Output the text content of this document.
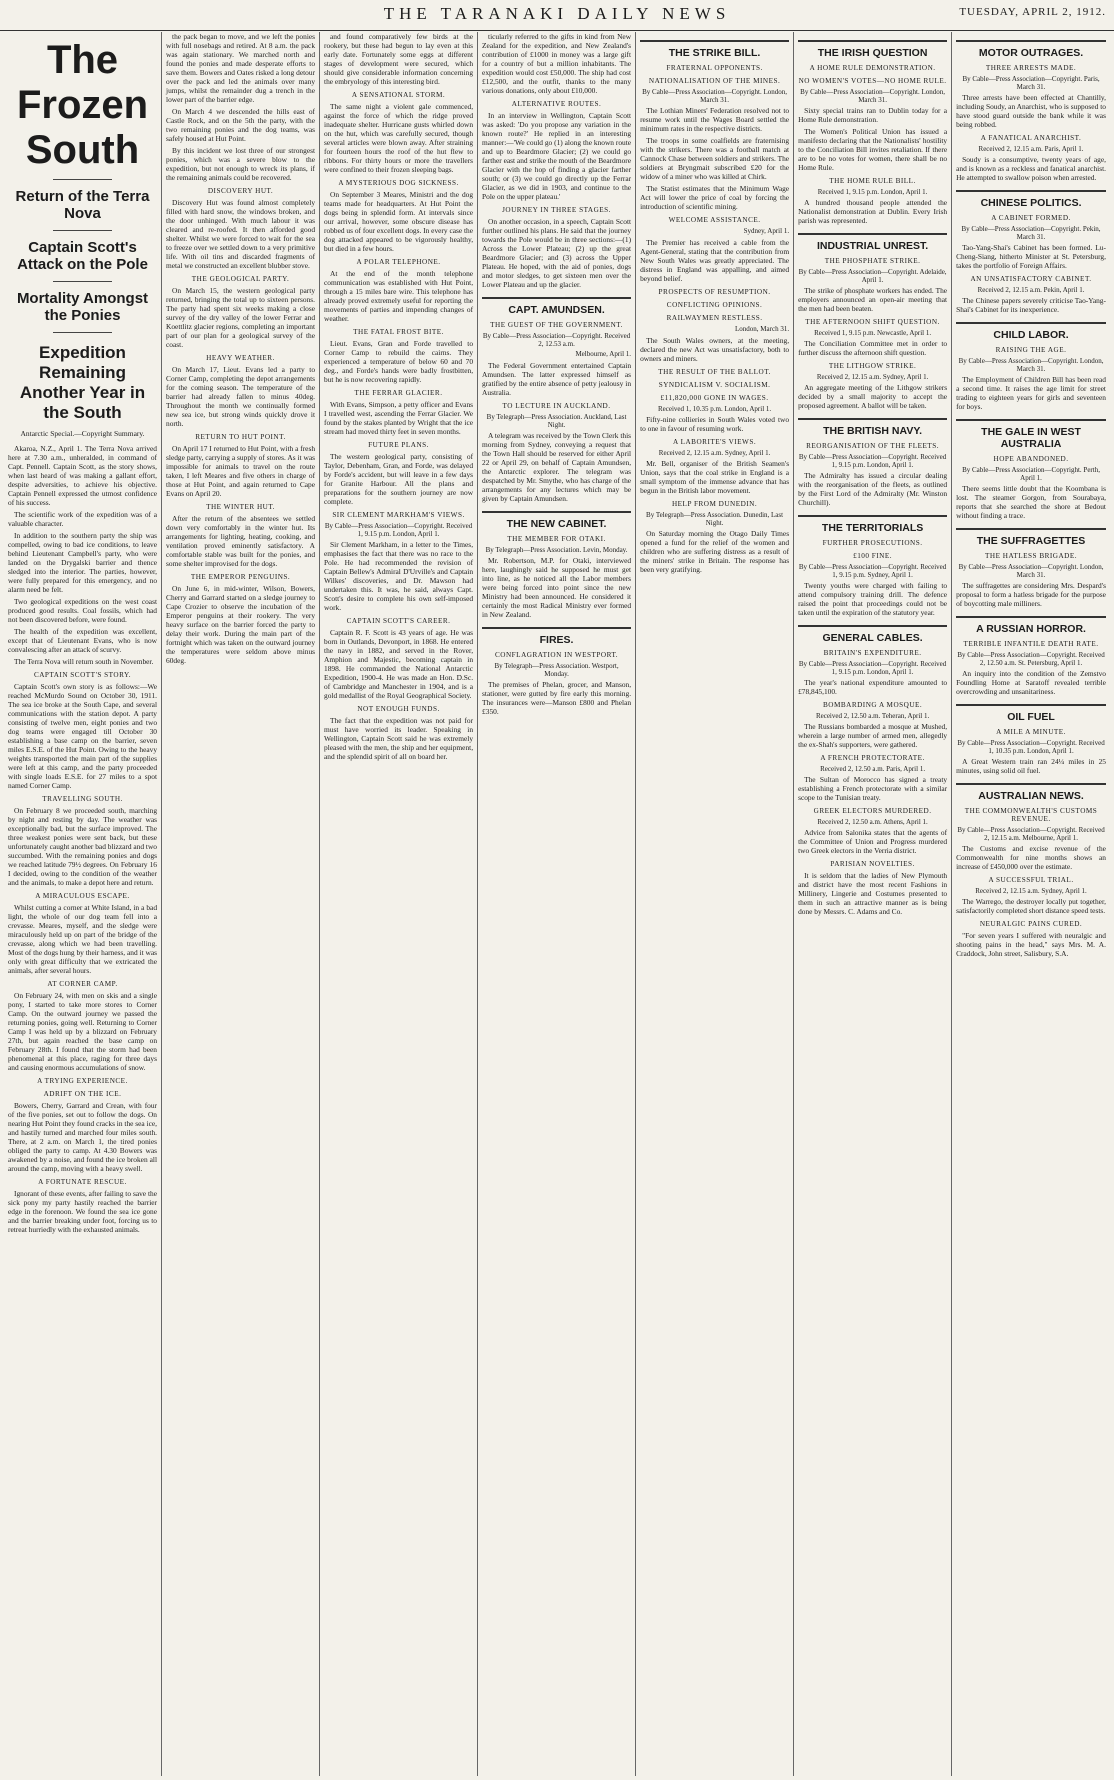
THE TARANAKI DAILY NEWS	TUESDAY, APRIL 2, 1912.
The Frozen South
Return of the Terra Nova
Captain Scott's Attack on the Pole
Mortality Amongst the Ponies
Expedition Remaining Another Year in the South
Antarctic Special.—Copyright Summary.

Akaroa, N.Z., April 1. The Terra Nova arrived here at 7.30 a.m., unheralded, in command of Capt. Pennell. Captain Scott, as the story shows, when last heard of was making a gallant effort, despite adversities, to achieve his objective. Captain Pennell expressed the utmost confidence of his success.

The scientific work of the expedition was of a valuable character.

In addition to the southern party the ship was compelled, owing to bad ice conditions, to leave behind Lieutenant Campbell's party, who were landed on the Drygalski barrier and thence sledged into the interior. The parties, however, were fully prepared for this emergency, and no alarm need be felt.

Two geological expeditions on the west coast produced good results. Coal fossils, which had not been discovered before, were found.

The health of the expedition was excellent, except that of Lieutenant Evans, who is now convalescing after an attack of scurvy.

The Terra Nova will return south in November.

CAPTAIN SCOTT'S STORY.

Captain Scott's own story is as follows:—We reached McMurdo Sound on October 30, 1911. The sea ice broke at the South Cape, and several communications with the station depot. A party consisting of twelve men, eight ponies and two dog teams were engaged till October 30 establishing a base camp on the barrier, seven miles E.S.E. of the Hut Point. Owing to the heavy weights transported the main part of the supplies were left at this camp, and the party proceeded with single loads E.S.E. for 27 miles to a spot named Corner Camp.

TRAVELLING SOUTH.

On February 8 we proceeded south, marching by night and resting by day. The weather was exceptionally bad, but the surface improved. The three weakest ponies were sent back, but these unfortunately caught another bad blizzard and two succumbed. With the remaining ponies and dogs we reached latitude 79½ degrees. On February 16 I decided, owing to the condition of the weather and the animals, to make a depot here and return.

A MIRACULOUS ESCAPE.

Whilst cutting a corner at White Island, in a bad light, the whole of our dog team fell into a crevasse. Meares, myself, and the sledge were miraculously held up on part of the bridge of the crevasse, along which we had been travelling. Most of the dogs hung by their harness, and it was only with great difficulty that we extricated the animals, after several hours.

AT CORNER CAMP.

On February 24, with men on skis and a single pony, I started to take more stores to Corner Camp. On the outward journey we passed the returning ponies, going well. Returning to Corner Camp I was held up by a blizzard on February 27th, but again reached the base camp on February 28th. I found that the storm had been phenomenal at this place, raging for three days and causing enormous accumulations of snow.

A TRYING EXPERIENCE.
ADRIFT ON THE ICE.

Bowers, Cherry, Garrard and Crean, with four of the five ponies, set out to follow the dogs. On nearing Hut Point they found cracks in the sea ice, and hastily turned and marched four miles south. There, at 2 a.m. on March 1, the tired ponies obliged the party to camp. At 4.30 Bowers was awakened by a noise, and found the ice broken all around the camp, moving with a heavy swell.

A FORTUNATE RESCUE.

Ignorant of these events, after failing to save the sick pony my party hastily reached the barrier edge in the forenoon. We found the sea ice gone and the barrier breaking under foot, forcing us to retreat hurriedly with the exhausted animals.

the pack began to move, and we left the ponies with full nosebags and retired. At 8 a.m. the pack was again stationary. We marched north and found the ponies and made desperate efforts to save them. Bowers and Oates risked a long detour over the pack and led the animals over many jumps, whilst the remainder dug a trench in the lower part of the barrier edge.

On March 4 we descended the hills east of Castle Rock, and on the 5th the party, with the two remaining ponies and the dog teams, was safely housed at Hut Point.

By this incident we lost three of our strongest ponies, which was a severe blow to the expedition, but not enough to wreck its plans, if the remaining animals could be recovered.

DISCOVERY HUT.

Discovery Hut was found almost completely filled with hard snow, the windows broken, and the door unhinged. With much labour it was cleared and re-roofed. It then afforded good shelter. Whilst we were forced to wait for the sea to freeze over we settled down to a very primitive life. With oil tins and discarded fragments of metal we constructed an excellent blubber stove.

THE GEOLOGICAL PARTY.

On March 15, the western geological party returned, bringing the total up to sixteen persons. The party had spent six weeks making a close survey of the dry valley of the lower Ferrar and Koettlitz glacier regions, completing an important part of our plan for a geological survey of the coast.

HEAVY WEATHER.

On March 17, Lieut. Evans led a party to Corner Camp, completing the depot arrangements for the coming season. The temperature of the barrier had already fallen to minus 40deg. Throughout the month we continually formed new sea ice, but strong winds quickly drove it north.

RETURN TO HUT POINT.

On April 17 I returned to Hut Point, with a fresh sledge party, carrying a supply of stores. As it was impossible for animals to travel on the route taken, I left Meares and five others in charge of those at Hut Point, and again returned to Cape Evans on April 20.

THE WINTER HUT.

After the return of the absentees we settled down very comfortably in the winter hut. Its arrangements for lighting, heating, cooking, and ventilation proved eminently satisfactory. A comfortable stable was built for the ponies, and some shelter improvised for the dogs.

THE EMPEROR PENGUINS.

On June 6, in mid-winter, Wilson, Bowers, Cherry and Garrard started on a sledge journey to Cape Crozier to observe the incubation of the Emperor penguins at their rookery. The very heavy surface on the barrier forced the party to delay their work. During the main part of the fortnight which was taken on the outward journey the temperatures were seldom above minus 60deg.

and found comparatively few birds at the rookery, but these had begun to lay even at this early date. Fortunately some eggs at different stages of development were secured, which should give considerable information concerning the embryology of this interesting bird.

A SENSATIONAL STORM.

The same night a violent gale commenced, against the force of which the ridge proved inadequate shelter. Hurricane gusts whirled down on the hut, which was carefully secured, though several articles were blown away. After straining for fourteen hours the roof of the hut flew to ribbons. For thirty hours or more the travellers were confined to their frozen sleeping bags.

A MYSTERIOUS DOG SICKNESS.

On September 3 Meares, Ministri and the dog teams made for headquarters. At Hut Point the dogs being in splendid form. At intervals since our arrival, however, some obscure disease has robbed us of four excellent dogs. In every case the dog attacked appeared to be vigorously healthy, but died in a few hours.

A POLAR TELEPHONE.

At the end of the month telephone communication was established with Hut Point, through a 15 miles bare wire. This telephone has already proved extremely useful for reporting the movements of parties and impending changes of weather.

THE FATAL FROST BITE.

Lieut. Evans, Gran and Forde travelled to Corner Camp to rebuild the cairns. They experienced a temperature of below 60 and 70 deg., and Forde's hands were badly frostbitten, but he is now recovering rapidly.

THE FERRAR GLACIER.

With Evans, Simpson, a petty officer and Evans I travelled west, ascending the Ferrar Glacier. We found by the stakes planted by Wright that the ice stream had moved thirty feet in seven months.

FUTURE PLANS.

The western geological party, consisting of Taylor, Debenham, Gran, and Forde, was delayed by Forde's accident, but will leave in a few days for Granite Harbour. All the plans and preparations for the southern journey are now complete.

SIR CLEMENT MARKHAM'S VIEWS.
By Cable—Press Association—Copyright. Received 1, 9.15 p.m. London, April 1.

Sir Clement Markham, in a letter to the Times, emphasises the fact that there was no race to the Pole. He had recommended the revision of Captain Bellew's Admiral D'Urville's and Captain Wilkes' discoveries, and Dr. Mawson had undertaken this. It was, he said, always Capt. Scott's desire to complete his own self-imposed work.

CAPTAIN SCOTT'S CAREER.

Captain R. F. Scott is 43 years of age. He was born in Outlands, Devonport, in 1868. He entered the navy in 1882, and served in the Rover, Amphion and Majestic, becoming captain in 1898. He commanded the National Antarctic Expedition, 1900-4. He was made an Hon. D.Sc. of Cambridge and Manchester in 1904, and is a gold medallist of the Royal Geographical Society.

NOT ENOUGH FUNDS.

The fact that the expedition was not paid for must have worried its leader. Speaking in Wellington, Captain Scott said he was extremely pleased with the men, the ship and her equipment, and the splendid spirit of all on board her.

ticularly referred to the gifts in kind from New Zealand for the expedition, and New Zealand's contribution of £1000 in money was a large gift for a country of but a million inhabitants. The expedition would cost £50,000. The ship had cost £12,500, and the outfit, thanks to the many various donations, only about £10,000.

ALTERNATIVE ROUTES.

In an interview in Wellington, Captain Scott was asked: 'Do you propose any variation in the known route?' He replied in an interesting manner:—'We could go (1) along the known route and up to Beardmore Glacier; (2) we could go farther east and strike the mouth of the Beardmore Glacier with the hop of finding a glacier farther south; or (3) we could go directly up the Ferrar Glacier, as we did in 1903, and continue to the Pole on the upper plateau.'

JOURNEY IN THREE STAGES.

On another occasion, in a speech, Captain Scott further outlined his plans. He said that the journey towards the Pole would be in three sections:—(1) Across the Lower Plateau; (2) up the great Beardmore Glacier; and (3) across the Upper Plateau. He hoped, with the aid of ponies, dogs and motor sledges, to get sixteen men over the Lower Plateau and up the glacier.

CAPT. AMUNDSEN.
THE GUEST OF THE GOVERNMENT.
By Cable—Press Association—Copyright. Received 2, 12.53 a.m.
Melbourne, April 1.

The Federal Government entertained Captain Amundsen. The latter expressed himself as gratified by the entire absence of petty jealousy in Australia.

TO LECTURE IN AUCKLAND.
By Telegraph—Press Association. Auckland, Last Night.

A telegram was received by the Town Clerk this morning from Sydney, conveying a request that the Town Hall should be reserved for either April 22 or April 29, on behalf of Captain Amundsen, the Antarctic explorer. The telegram was despatched by Mr. Smythe, who has charge of the arrangements for any lectures which may be given by Captain Amundsen.

THE NEW CABINET.
THE MEMBER FOR OTAKI.
By Telegraph—Press Association. Levin, Monday.

Mr. Robertson, M.P. for Otaki, interviewed here, laughingly said he supposed he must get into line, as he noticed all the Labor members were being forced into point since the new Ministry had been announced. He considered it certainly the most Radical Ministry ever formed in New Zealand.

FIRES.
CONFLAGRATION IN WESTPORT.
By Telegraph—Press Association. Westport, Monday.

The premises of Phelan, grocer, and Manson, stationer, were gutted by fire early this morning. The insurances were—Manson £800 and Phelan £350.

THE STRIKE BILL.
FRATERNAL OPPONENTS.
NATIONALISATION OF THE MINES.
By Cable—Press Association—Copyright. London, March 31.

The Lothian Miners' Federation resolved not to resume work until the Wages Board settled the minimum rates in the respective districts.

The troops in some coalfields are fraternising with the strikers. There was a football match at Cannock Chase between soldiers and strikers. The soldiers at Bryngmait subscribed £20 for the widow of a miner who was killed at Chirk.

The Statist estimates that the Minimum Wage Act will lower the price of coal by forcing the introduction of scientific mining.

WELCOME ASSISTANCE.
Sydney, April 1.

The Premier has received a cable from the Agent-General, stating that the contribution from New South Wales was greatly appreciated. The distress in England was appalling, and aimed beyond belief.

PROSPECTS OF RESUMPTION.
CONFLICTING OPINIONS.
RAILWAYMEN RESTLESS.
London, March 31.

The South Wales owners, at the meeting, declared the new Act was unsatisfactory, both to owners and miners.

THE RESULT OF THE BALLOT.
SYNDICALISM V. SOCIALISM.
£11,820,000 GONE IN WAGES.
Received 1, 10.35 p.m. London, April 1.

Fifty-nine collieries in South Wales voted two to one in favour of resuming work.

A LABORITE'S VIEWS.
Received 2, 12.15 a.m. Sydney, April 1.

Mr. Bell, organiser of the British Seamen's Union, says that the coal strike in England is a small symptom of the immense advance that has begun in the British labor movement.

HELP FROM DUNEDIN.
By Telegraph—Press Association. Dunedin, Last Night.

On Saturday morning the Otago Daily Times opened a fund for the relief of the women and children who are suffering distress as a result of the miners' strike in Britain. The response has been very gratifying.

THE IRISH QUESTION
A HOME RULE DEMONSTRATION.
NO WOMEN'S VOTES—NO HOME RULE.
By Cable—Press Association—Copyright. London, March 31.

Sixty special trains ran to Dublin today for a Home Rule demonstration.

The Women's Political Union has issued a manifesto declaring that the Nationalists' hostility to the Conciliation Bill invites retaliation. If there are to be no votes for women, there shall be no Home Rule.

THE HOME RULE BILL.
Received 1, 9.15 p.m. London, April 1.

A hundred thousand people attended the Nationalist demonstration at Dublin. Every Irish parish was represented.

INDUSTRIAL UNREST.
THE PHOSPHATE STRIKE.
By Cable—Press Association—Copyright. Adelaide, April 1.

The strike of phosphate workers has ended. The employers announced an open-air meeting that the men had been beaten.

THE AFTERNOON SHIFT QUESTION.
Received 1, 9.15 p.m. Newcastle, April 1.

The Conciliation Committee met in order to further discuss the afternoon shift question.

THE LITHGOW STRIKE.
Received 2, 12.15 a.m. Sydney, April 1.

An aggregate meeting of the Lithgow strikers decided by a small majority to accept the proposed agreement. A ballot will be taken.

THE BRITISH NAVY.
REORGANISATION OF THE FLEETS.
By Cable—Press Association—Copyright. Received 1, 9.15 p.m. London, April 1.

The Admiralty has issued a circular dealing with the reorganisation of the fleets, as outlined by the First Lord of the Admiralty (Mr. Winston Churchill).

THE TERRITORIALS
FURTHER PROSECUTIONS.
£100 FINE.
By Cable—Press Association—Copyright. Received 1, 9.15 p.m. Sydney, April 1.

Twenty youths were charged with failing to attend compulsory training drill. The defence raised the point that proceedings could not be taken until the expiration of the statutory year.

GENERAL CABLES.
BRITAIN'S EXPENDITURE.
By Cable—Press Association—Copyright. Received 1, 9.15 p.m. London, April 1.

The year's national expenditure amounted to £78,845,100.

BOMBARDING A MOSQUE.
Received 2, 12.50 a.m. Teheran, April 1.

The Russians bombarded a mosque at Mushed, wherein a large number of armed men, allegedly the ex-Shah's supporters, were gathered.

A FRENCH PROTECTORATE.
Received 2, 12.50 a.m. Paris, April 1.

The Sultan of Morocco has signed a treaty establishing a French protectorate with a similar scope to the Tunisian treaty.

GREEK ELECTORS MURDERED.
Received 2, 12.50 a.m. Athens, April 1.

Advice from Salonika states that the agents of the Committee of Union and Progress murdered two Greek electors in the Verria district.

PARISIAN NOVELTIES.

It is seldom that the ladies of New Plymouth and district have the most recent Fashions in Millinery, Lingerie and Costumes presented to them in such an attractive manner as is being done by Messrs. C. Adams and Co.

MOTOR OUTRAGES.
THREE ARRESTS MADE.
By Cable—Press Association—Copyright. Paris, March 31.

Three arrests have been effected at Chantilly, including Soudy, an Anarchist, who is supposed to have stood guard outside the bank while it was being robbed.

A FANATICAL ANARCHIST.
Received 2, 12.15 a.m. Paris, April 1.

Soudy is a consumptive, twenty years of age, and is known as a reckless and fanatical anarchist. He attempted to swallow poison when arrested.

CHINESE POLITICS.
A CABINET FORMED.
By Cable—Press Association—Copyright. Pekin, March 31.

Tao-Yang-Shai's Cabinet has been formed. Lu-Cheng-Siang, hitherto Minister at St. Petersburg, takes the portfolio of Foreign Affairs.

AN UNSATISFACTORY CABINET.
Received 2, 12.15 a.m. Pekin, April 1.

The Chinese papers severely criticise Tao-Yang-Shai's Cabinet for its inexperience.

CHILD LABOR.
RAISING THE AGE.
By Cable—Press Association—Copyright. London, March 31.

The Employment of Children Bill has been read a second time. It raises the age limit for street trading to eighteen years for girls and seventeen for boys.

THE GALE IN WEST AUSTRALIA
HOPE ABANDONED.
By Cable—Press Association—Copyright. Perth, April 1.

There seems little doubt that the Koombana is lost. The steamer Gorgon, from Sourabaya, reports that she searched the shore at Bedout without finding a trace.

THE SUFFRAGETTES
THE HATLESS BRIGADE.
By Cable—Press Association—Copyright. London, March 31.

The suffragettes are considering Mrs. Despard's proposal to form a hatless brigade for the purpose of boycotting male milliners.

A RUSSIAN HORROR.
TERRIBLE INFANTILE DEATH RATE.
By Cable—Press Association—Copyright. Received 2, 12.50 a.m. St. Petersburg, April 1.

An inquiry into the condition of the Zemstvo Foundling Home at Saratoff revealed terrible overcrowding and unsanitariness.

OIL FUEL
A MILE A MINUTE.
By Cable—Press Association—Copyright. Received 1, 10.35 p.m. London, April 1.

A Great Western train ran 24¼ miles in 25 minutes, using solid oil fuel.

AUSTRALIAN NEWS.
THE COMMONWEALTH'S CUSTOMS REVENUE.
By Cable—Press Association—Copyright. Received 2, 12.15 a.m. Melbourne, April 1.

The Customs and excise revenue of the Commonwealth for nine months shows an increase of £450,000 over the estimate.

A SUCCESSFUL TRIAL.
Received 2, 12.15 a.m. Sydney, April 1.

The Warrego, the destroyer locally put together, satisfactorily completed short distance speed tests.

NEURALGIC PAINS CURED.

"For seven years I suffered with neuralgic and shooting pains in the head," says Mrs. M. A. Craddock, John street, Salisbury, S.A.
